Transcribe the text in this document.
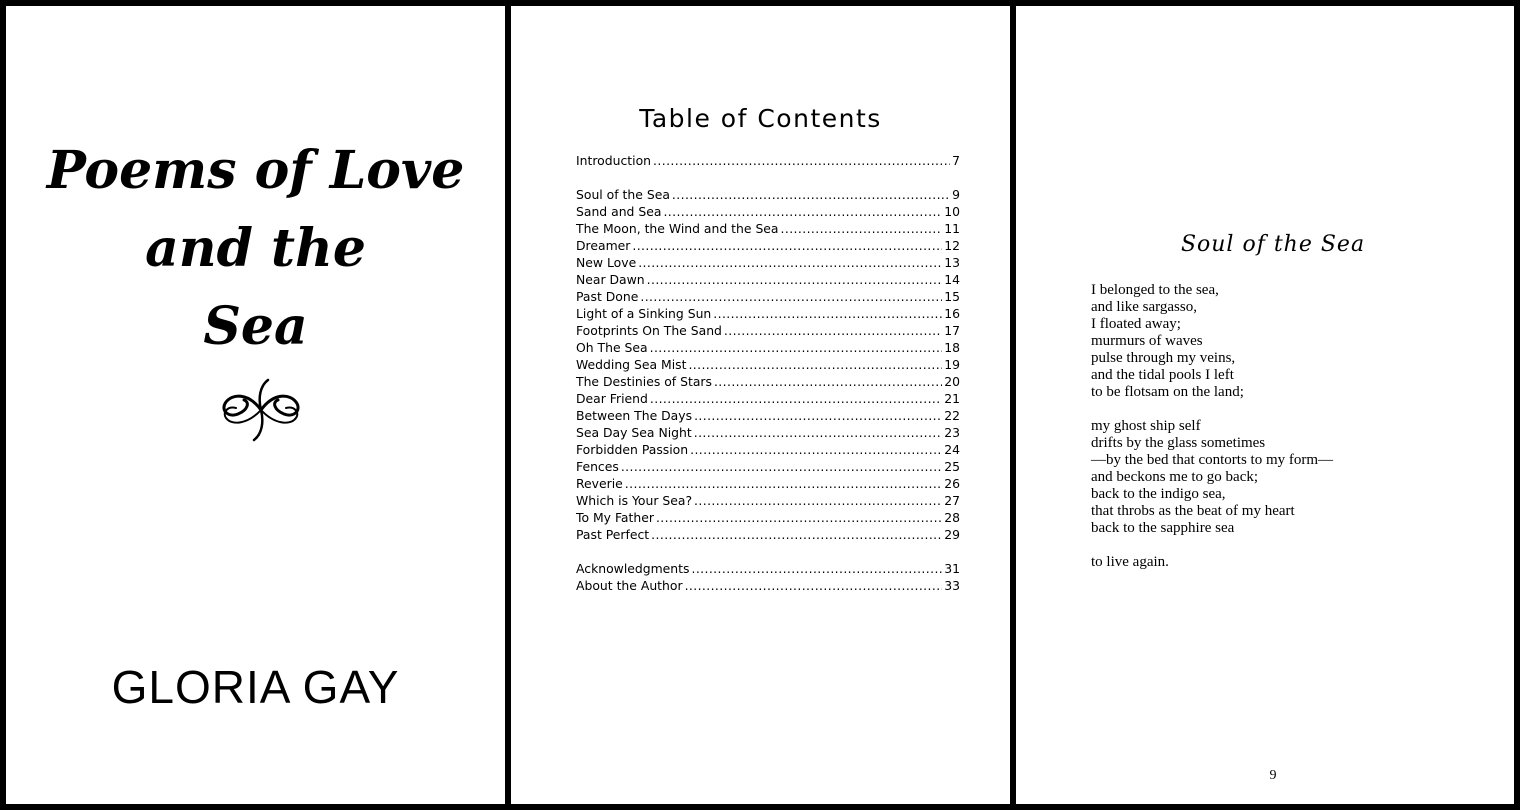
Poems of Love
and the
Sea
GLORIA GAY
Table of Contents
Introduction .....	7
Soul of the Sea .....	9
Sand and Sea .....	10
The Moon, the Wind and the Sea .....	11
Dreamer .....	12
New Love .....	13
Near Dawn .....	14
Past Done .....	15
Light of a Sinking Sun .....	16
Footprints On The Sand .....	17
Oh The Sea .....	18
Wedding Sea Mist .....	19
The Destinies of Stars .....	20
Dear Friend .....	21
Between The Days .....	22
Sea Day Sea Night .....	23
Forbidden Passion .....	24
Fences .....	25
Reverie .....	26
Which is Your Sea? .....	27
To My Father .....	28
Past Perfect .....	29
Acknowledgments .....	31
About the Author .....	33
Soul of the Sea
I belonged to the sea,
and like sargasso,
I floated away;
murmurs of waves
pulse through my veins,
and the tidal pools I left
to be flotsam on the land;
my ghost ship self
drifts by the glass sometimes
—by the bed that contorts to my form—
and beckons me to go back;
back to the indigo sea,
that throbs as the beat of my heart
back to the sapphire sea
to live again.
9
